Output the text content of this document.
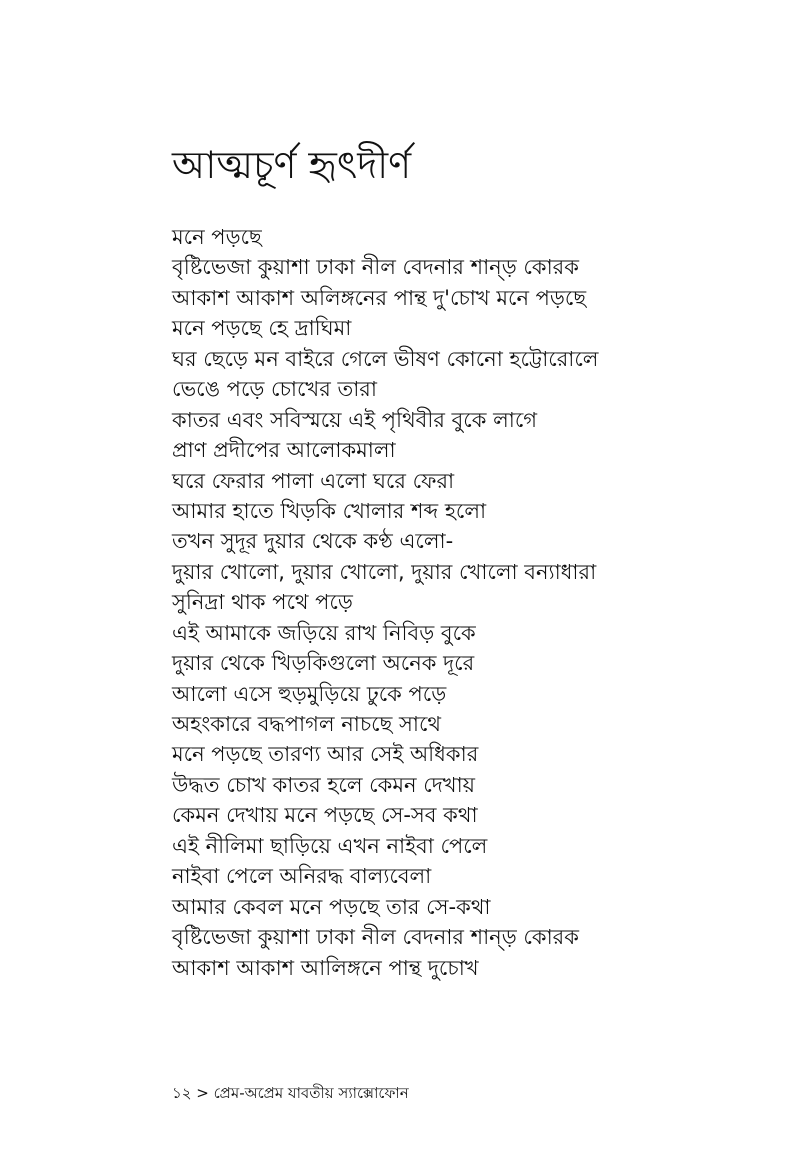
আত্মচূর্ণ হৃৎদীর্ণ
মনে পড়ছে
বৃষ্টিভেজা কুয়াশা ঢাকা নীল বেদনার শান্ড় কোরক
আকাশ আকাশ অলিঙ্গনের পান্থ দু'চোখ মনে পড়ছে
মনে পড়ছে হে দ্রাঘিমা
ঘর ছেড়ে মন বাইরে গেলে ভীষণ কোনো হট্টোরোলে
ভেঙে পড়ে চোখের তারা
কাতর এবং সবিস্ময়ে এই পৃথিবীর বুকে লাগে
প্রাণ প্রদীপের আলোকমালা
ঘরে ফেরার পালা এলো ঘরে ফেরা
আমার হাতে খিড়কি খোলার শব্দ হলো
তখন সুদূর দুয়ার থেকে কণ্ঠ এলো-
দুয়ার খোলো, দুয়ার খোলো, দুয়ার খোলো বন্যাধারা
সুনিদ্রা থাক পথে পড়ে
এই আমাকে জড়িয়ে রাখ নিবিড় বুকে
দুয়ার থেকে খিড়কিগুলো অনেক দূরে
আলো এসে হুড়মুড়িয়ে ঢুকে পড়ে
অহংকারে বদ্ধপাগল নাচছে সাথে
মনে পড়ছে তারণ্য আর সেই অধিকার
উদ্ধত চোখ কাতর হলে কেমন দেখায়
কেমন দেখায় মনে পড়ছে সে-সব কথা
এই নীলিমা ছাড়িয়ে এখন নাইবা পেলে
নাইবা পেলে অনিরদ্ধ বাল্যবেলা
আমার কেবল মনে পড়ছে তার সে-কথা
বৃষ্টিভেজা কুয়াশা ঢাকা নীল বেদনার শান্ড় কোরক
আকাশ আকাশ আলিঙ্গনে পান্থ দুচোখ
১২ > প্রেম-অপ্রেম যাবতীয় স্যাক্সোফোন
